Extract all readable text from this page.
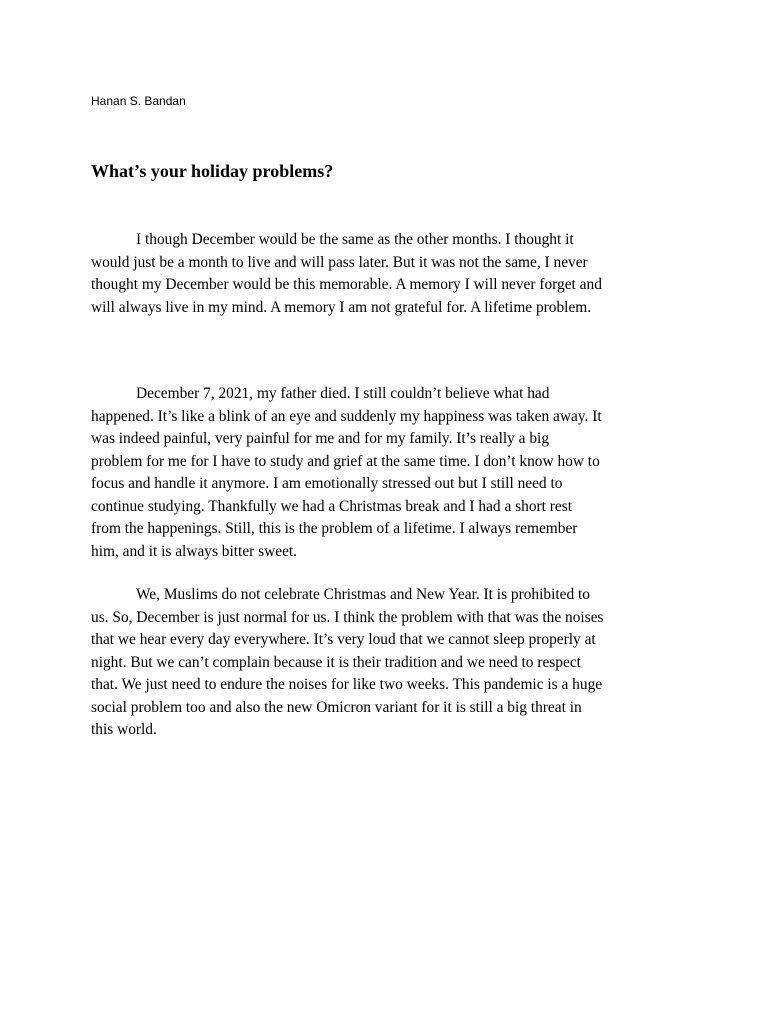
Hanan S. Bandan
What’s your holiday problems?
I though December would be the same as the other months. I thought it
would just be a month to live and will pass later. But it was not the same, I never
thought my December would be this memorable. A memory I will never forget and
will always live in my mind. A memory I am not grateful for. A lifetime problem.
December 7, 2021, my father died. I still couldn’t believe what had
happened. It’s like a blink of an eye and suddenly my happiness was taken away. It
was indeed painful, very painful for me and for my family. It’s really a big
problem for me for I have to study and grief at the same time. I don’t know how to
focus and handle it anymore. I am emotionally stressed out but I still need to
continue studying. Thankfully we had a Christmas break and I had a short rest
from the happenings. Still, this is the problem of a lifetime. I always remember
him, and it is always bitter sweet.
We, Muslims do not celebrate Christmas and New Year. It is prohibited to
us. So, December is just normal for us. I think the problem with that was the noises
that we hear every day everywhere. It’s very loud that we cannot sleep properly at
night. But we can’t complain because it is their tradition and we need to respect
that. We just need to endure the noises for like two weeks. This pandemic is a huge
social problem too and also the new Omicron variant for it is still a big threat in
this world.
